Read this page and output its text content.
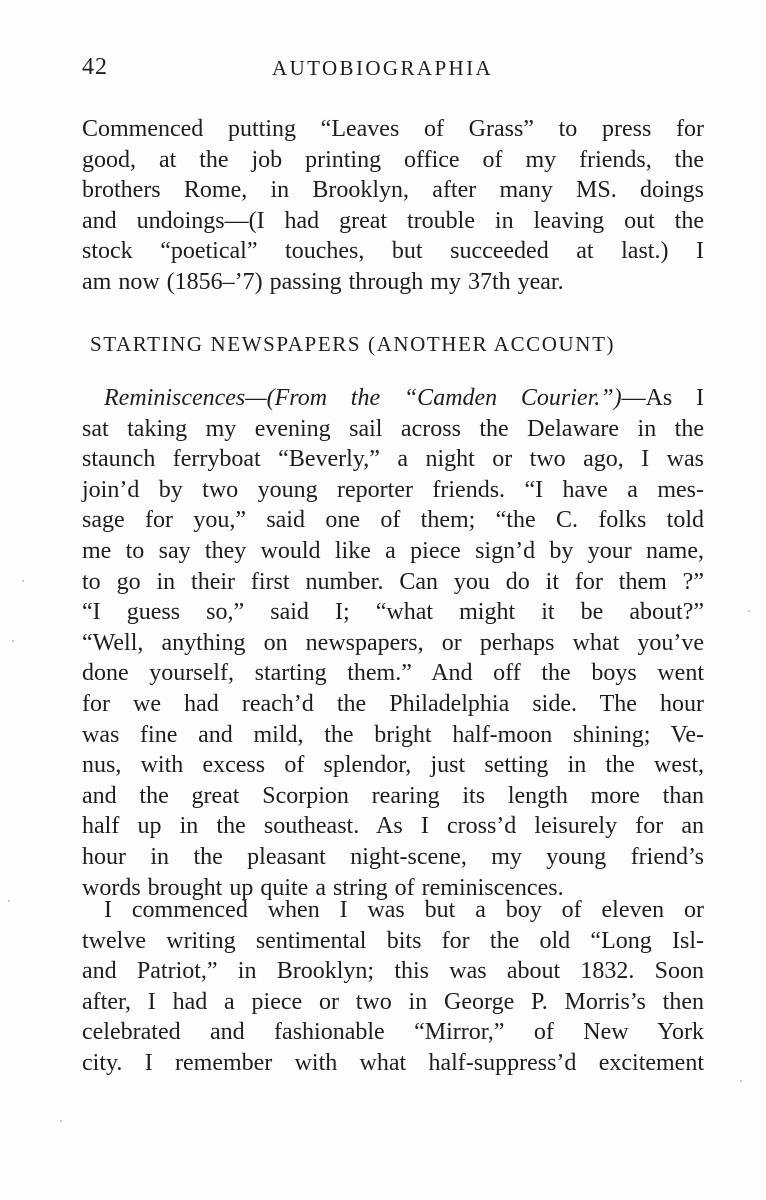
42	AUTOBIOGRAPHIA
Commenced putting “Leaves of Grass” to press for
good, at the job printing office of my friends, the
brothers Rome, in Brooklyn, after many MS. doings
and undoings—(I had great trouble in leaving out the
stock “poetical” touches, but succeeded at last.) I
am now (1856–’7) passing through my 37th year.
STARTING NEWSPAPERS (ANOTHER ACCOUNT)
Reminiscences—(From the “Camden Courier.”)—As I
sat taking my evening sail across the Delaware in the
staunch ferryboat “Beverly,” a night or two ago, I was
join’d by two young reporter friends. “I have a mes-
sage for you,” said one of them; “the C. folks told
me to say they would like a piece sign’d by your name,
to go in their first number. Can you do it for them ?”
“I guess so,” said I; “what might it be about?”
“Well, anything on newspapers, or perhaps what you’ve
done yourself, starting them.” And off the boys went
for we had reach’d the Philadelphia side. The hour
was fine and mild, the bright half-moon shining; Ve-
nus, with excess of splendor, just setting in the west,
and the great Scorpion rearing its length more than
half up in the southeast. As I cross’d leisurely for an
hour in the pleasant night-scene, my young friend’s
words brought up quite a string of reminiscences.
I commenced when I was but a boy of eleven or
twelve writing sentimental bits for the old “Long Isl-
and Patriot,” in Brooklyn; this was about 1832. Soon
after, I had a piece or two in George P. Morris’s then
celebrated and fashionable “Mirror,” of New York
city. I remember with what half-suppress’d excitement
